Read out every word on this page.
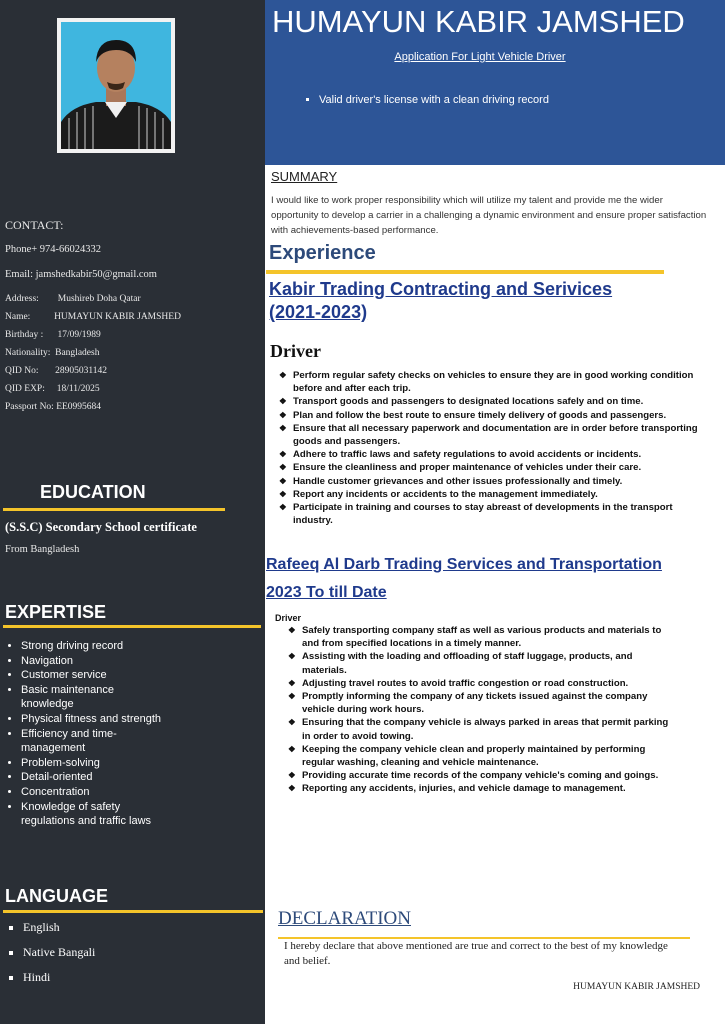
CONTACT:
Phone+ 974-66024332
Email: jamshedkabir50@gmail.com
Address:        Mushireb Doha Qatar
Name:          HUMAYUN KABIR JAMSHED
Birthday :      17/09/1989
Nationality:  Bangladesh
QID No:       28905031142
QID EXP:     18/11/2025
Passport No: EE0995684
EDUCATION
(S.S.C) Secondary School certificate
From Bangladesh
EXPERTISE
• Strong driving record
• Navigation
• Customer service
• Basic maintenance knowledge
• Physical fitness and strength
• Efficiency and time-management
• Problem-solving
• Detail-oriented
• Concentration
• Knowledge of safety regulations and traffic laws
LANGUAGE
▪ English
▪ Native Bangali
▪ Hindi
HUMAYUN KABIR JAMSHED
Application For Light Vehicle Driver
▪ Valid driver's license with a clean driving record
SUMMARY
I would like to work proper responsibility which will utilize my talent and provide me the wider opportunity to develop a carrier in a challenging a dynamic environment and ensure proper satisfaction with achievements-based performance.
Experience
Kabir Trading Contracting and Serivices
(2021-2023)
Driver
❖ Perform regular safety checks on vehicles to ensure they are in good working condition before and after each trip.
❖ Transport goods and passengers to designated locations safely and on time.
❖ Plan and follow the best route to ensure timely delivery of goods and passengers.
❖ Ensure that all necessary paperwork and documentation are in order before transporting goods and passengers.
❖ Adhere to traffic laws and safety regulations to avoid accidents or incidents.
❖ Ensure the cleanliness and proper maintenance of vehicles under their care.
❖ Handle customer grievances and other issues professionally and timely.
❖ Report any incidents or accidents to the management immediately.
❖ Participate in training and courses to stay abreast of developments in the transport industry.
Rafeeq Al Darb Trading Services and Transportation
2023 To till Date
Driver
❖ Safely transporting company staff as well as various products and materials to and from specified locations in a timely manner.
❖ Assisting with the loading and offloading of staff luggage, products, and materials.
❖ Adjusting travel routes to avoid traffic congestion or road construction.
❖ Promptly informing the company of any tickets issued against the company vehicle during work hours.
❖ Ensuring that the company vehicle is always parked in areas that permit parking in order to avoid towing.
❖ Keeping the company vehicle clean and properly maintained by performing regular washing, cleaning and vehicle maintenance.
❖ Providing accurate time records of the company vehicle's coming and goings.
❖ Reporting any accidents, injuries, and vehicle damage to management.
DECLARATION
I hereby declare that above mentioned are true and correct to the best of my knowledge and belief.
HUMAYUN KABIR JAMSHED
